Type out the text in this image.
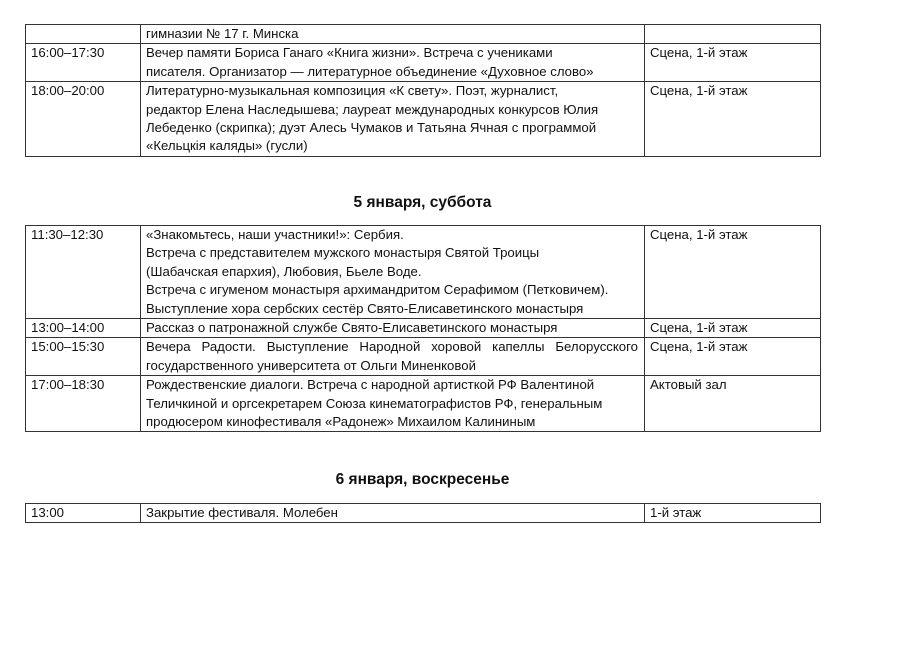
	гимназии № 17 г. Минска	

16:00–17:30	Вечер памяти Бориса Ганаго «Книга жизни». Встреча с учениками
писателя. Организатор — литературное объединение «Духовное слово»	Сцена, 1-й этаж
18:00–20:00	Литературно-музыкальная композиция «К свету». Поэт, журналист,
редактор Елена Наследышева; лауреат международных конкурсов Юлия
Лебеденко (скрипка); дуэт Алесь Чумаков и Татьяна Ячная с программой
«Кельцкія каляды» (гусли)	Сцена, 1-й этаж
5 января, суббота
11:30–12:30	«Знакомьтесь, наши участники!»: Сербия.
Встреча с представителем мужского монастыря Святой Троицы
(Шабачская епархия), Любовия, Бьеле Воде.
Встреча с игуменом монастыря архимандритом Серафимом (Петковичем).
Выступление хора сербских сестёр Свято-Елисаветинского монастыря	Сцена, 1-й этаж
13:00–14:00	Рассказ о патронажной службе Свято-Елисаветинского монастыря	Сцена, 1-й этаж
15:00–15:30	Вечера Радости. Выступление Народной хоровой капеллы Белорусского
государственного университета от Ольги Миненковой	Сцена, 1-й этаж
17:00–18:30	Рождественские диалоги. Встреча с народной артисткой РФ Валентиной
Теличкиной и оргсекретарем Союза кинематографистов РФ, генеральным
продюсером кинофестиваля «Радонеж» Михаилом Калининым	Актовый зал
6 января, воскресенье
13:00	Закрытие фестиваля. Молебен	1-й этаж
